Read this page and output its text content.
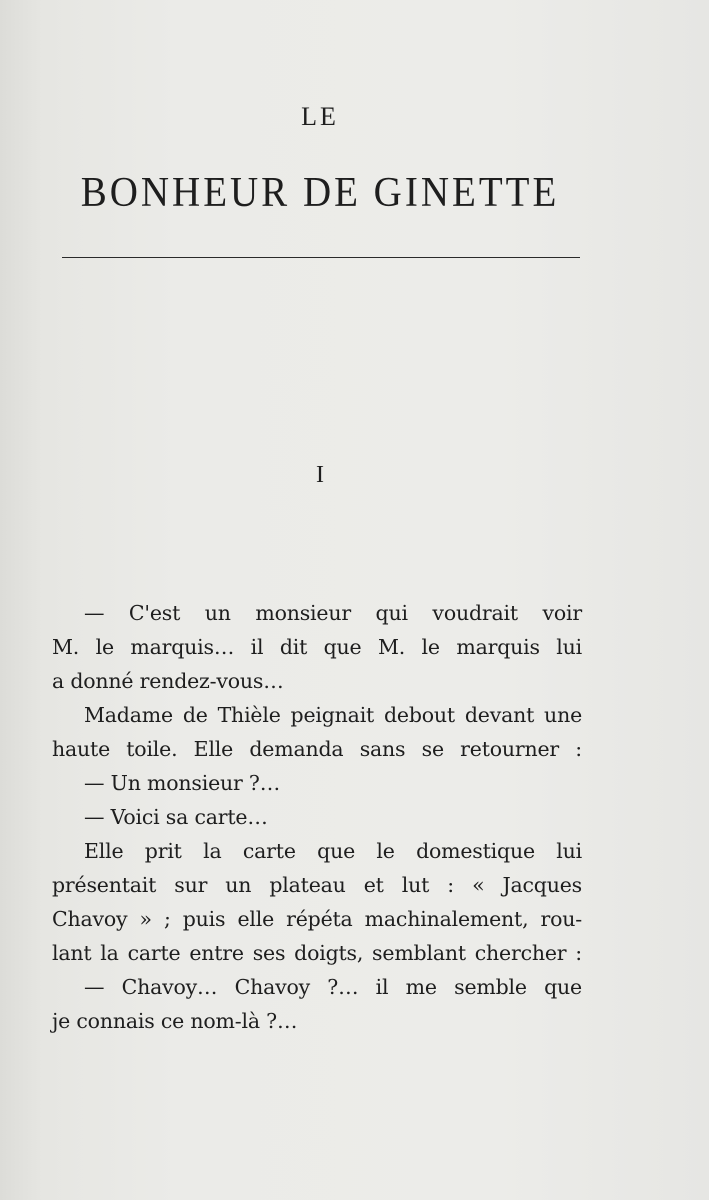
LE
BONHEUR DE GINETTE
I
— C'est un monsieur qui voudrait voir
M. le marquis… il dit que M. le marquis lui
a donné rendez-vous…
Madame de Thièle peignait debout devant une
haute toile. Elle demanda sans se retourner :
— Un monsieur ?…
— Voici sa carte…
Elle prit la carte que le domestique lui
présentait sur un plateau et lut : « Jacques
Chavoy » ; puis elle répéta machinalement, rou-
lant la carte entre ses doigts, semblant chercher :
— Chavoy… Chavoy ?… il me semble que
je connais ce nom-là ?…
